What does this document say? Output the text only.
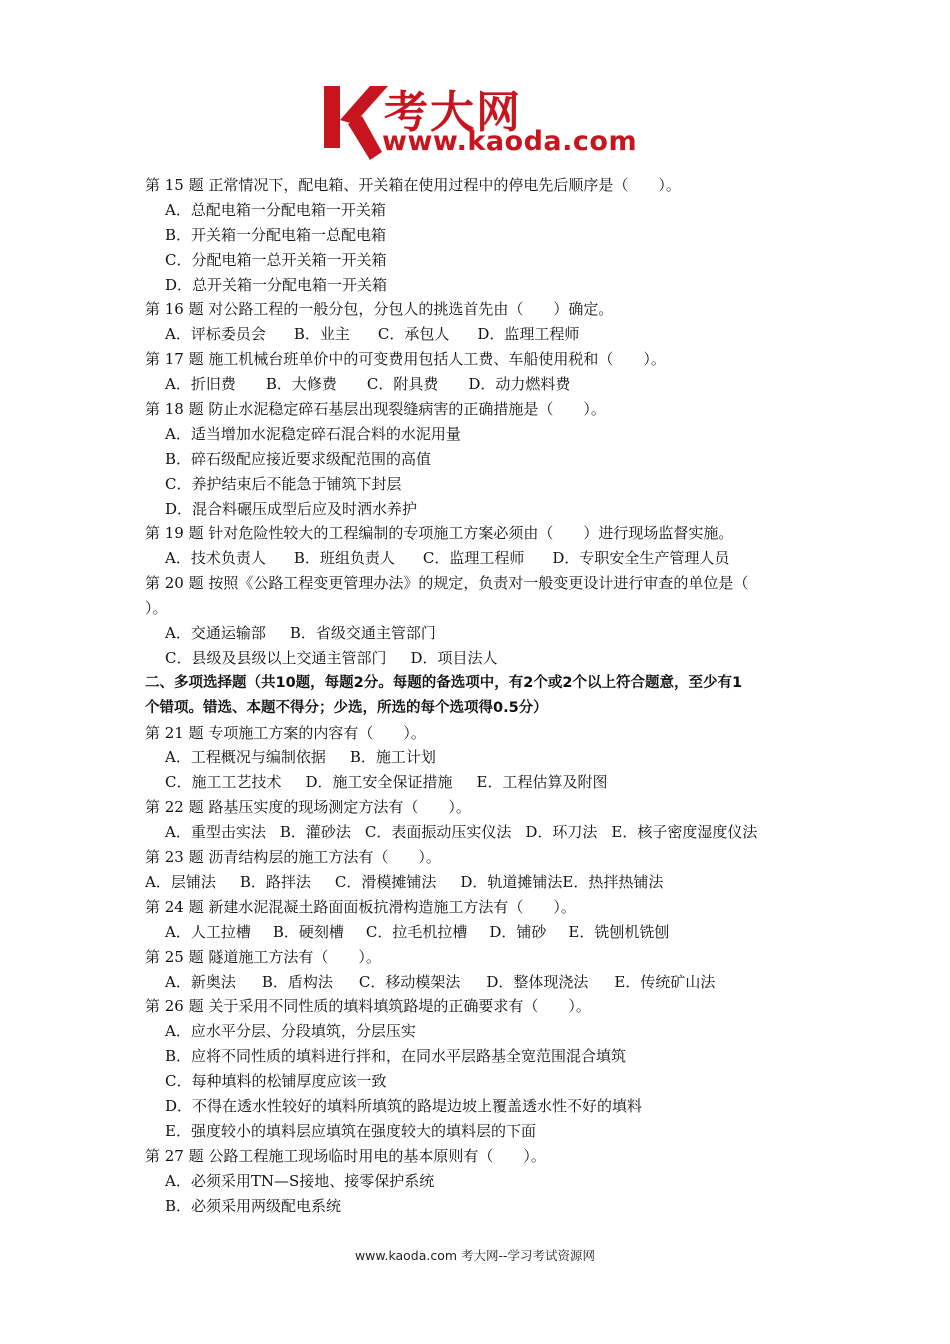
考大网
www.kaoda.com
第 15 题 正常情况下，配电箱、开关箱在使用过程中的停电先后顺序是（　　）。
A．总配电箱一分配电箱一开关箱
B．开关箱一分配电箱一总配电箱
C．分配电箱一总开关箱一开关箱
D．总开关箱一分配电箱一开关箱
第 16 题 对公路工程的一般分包，分包人的挑选首先由（　　）确定。
A．评标委员会 B．业主 C．承包人 D．监理工程师
第 17 题 施工机械台班单价中的可变费用包括人工费、车船使用税和（　　）。
A．折旧费 B．大修费 C．附具费 D．动力燃料费
第 18 题 防止水泥稳定碎石基层出现裂缝病害的正确措施是（　　）。
A．适当增加水泥稳定碎石混合料的水泥用量
B．碎石级配应接近要求级配范围的高值
C．养护结束后不能急于铺筑下封层
D．混合料碾压成型后应及时洒水养护
第 19 题 针对危险性较大的工程编制的专项施工方案必须由（　　）进行现场监督实施。
A．技术负责人 B．班组负责人 C．监理工程师 D．专职安全生产管理人员
第 20 题 按照《公路工程变更管理办法》的规定，负责对一般变更设计进行审查的单位是（
）。
A．交通运输部 B．省级交通主管部门
C．县级及县级以上交通主管部门 D．项目法人
二、多项选择题（共10题，每题2分。每题的备选项中，有2个或2个以上符合题意，至少有1
个错项。错选、本题不得分；少选，所选的每个选项得0.5分）
第 21 题 专项施工方案的内容有（　　）。
A．工程概况与编制依据 B．施工计划
C．施工工艺技术 D．施工安全保证措施 E．工程估算及附图
第 22 题 路基压实度的现场测定方法有（　　）。
A．重型击实法 B．灌砂法 C．表面振动压实仪法 D．环刀法 E．核子密度湿度仪法
第 23 题 沥青结构层的施工方法有（　　）。
A．层铺法 B．路拌法 C．滑模摊铺法 D．轨道摊铺法E．热拌热铺法
第 24 题 新建水泥混凝土路面面板抗滑构造施工方法有（　　）。
A．人工拉槽 B．硬刻槽 C．拉毛机拉槽 D．铺砂 E．铣刨机铣刨
第 25 题 隧道施工方法有（　　）。
A．新奥法 B．盾构法 C．移动模架法 D．整体现浇法 E．传统矿山法
第 26 题 关于采用不同性质的填料填筑路堤的正确要求有（　　）。
A．应水平分层、分段填筑，分层压实
B．应将不同性质的填料进行拌和，在同水平层路基全宽范围混合填筑
C．每种填料的松铺厚度应该一致
D．不得在透水性较好的填料所填筑的路堤边坡上覆盖透水性不好的填料
E．强度较小的填料层应填筑在强度较大的填料层的下面
第 27 题 公路工程施工现场临时用电的基本原则有（　　）。
A．必须采用TN—S接地、接零保护系统
B．必须采用两级配电系统
www.kaoda.com 考大网--学习考试资源网
